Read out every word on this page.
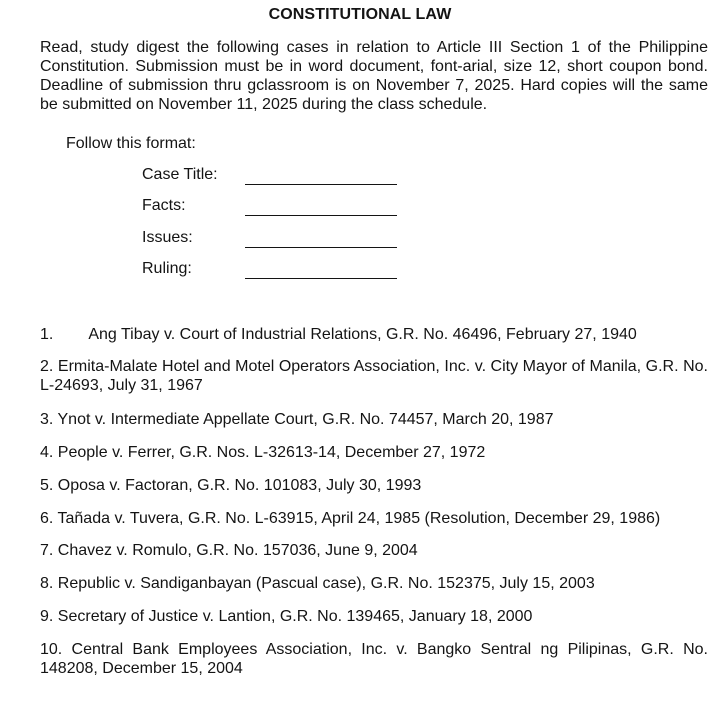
CONSTITUTIONAL LAW
Read, study digest the following cases in relation to Article III Section 1 of the Philippine Constitution. Submission must be in word document, font-arial, size 12, short coupon bond. Deadline of submission thru gclassroom is on November 7, 2025. Hard copies will the same be submitted on November 11, 2025 during the class schedule.
Follow this format:
Case Title:
Facts:
Issues:
Ruling:
1. Ang Tibay v. Court of Industrial Relations, G.R. No. 46496, February 27, 1940
2. Ermita-Malate Hotel and Motel Operators Association, Inc. v. City Mayor of Manila, G.R. No. L-24693, July 31, 1967
3. Ynot v. Intermediate Appellate Court, G.R. No. 74457, March 20, 1987
4. People v. Ferrer, G.R. Nos. L-32613-14, December 27, 1972
5. Oposa v. Factoran, G.R. No. 101083, July 30, 1993
6. Tañada v. Tuvera, G.R. No. L-63915, April 24, 1985 (Resolution, December 29, 1986)
7. Chavez v. Romulo, G.R. No. 157036, June 9, 2004
8. Republic v. Sandiganbayan (Pascual case), G.R. No. 152375, July 15, 2003
9. Secretary of Justice v. Lantion, G.R. No. 139465, January 18, 2000
10. Central Bank Employees Association, Inc. v. Bangko Sentral ng Pilipinas, G.R. No. 148208, December 15, 2004
